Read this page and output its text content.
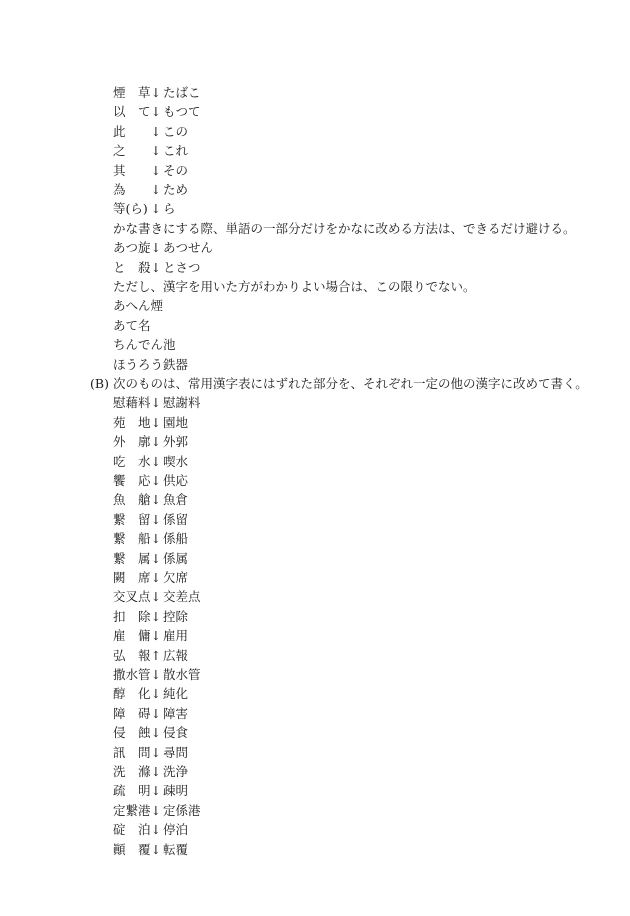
煙　草↓ たばこ
以　て↓ もつて
此 ↓ この
之 ↓ これ
其 ↓ その
為 ↓ ため
等(ら) ↓ ら
かな書きにする際、単語の一部分だけをかなに改める方法は、できるだけ避ける。
あつ旋↓ あつせん
と　殺↓ とさつ
ただし、漢字を用いた方がわかりよい場合は、この限りでない。
あへん煙
あて名
ちんでん池
ほうろう鉄器
(B) 次のものは、常用漢字表にはずれた部分を、それぞれ一定の他の漢字に改めて書く。
慰藉料↓ 慰謝料
苑　地↓ 園地
外　廓↓ 外郭
吃　水↓ 喫水
饗　応↓ 供応
魚　艙↓ 魚倉
繋　留↓ 係留
繋　船↓ 係船
繋　属↓ 係属
闕　席↓ 欠席
交叉点↓ 交差点
扣　除↓ 控除
雇　傭↓ 雇用
弘　報↑ 広報
撒水管↓ 散水管
醇　化↓ 純化
障　碍↓ 障害
侵　蝕↓ 侵食
訊　問↓ 尋問
洗　滌↓ 洗浄
疏　明↓ 疎明
定繋港↓ 定係港
碇　泊↓ 停泊
顚　覆↓ 転覆
